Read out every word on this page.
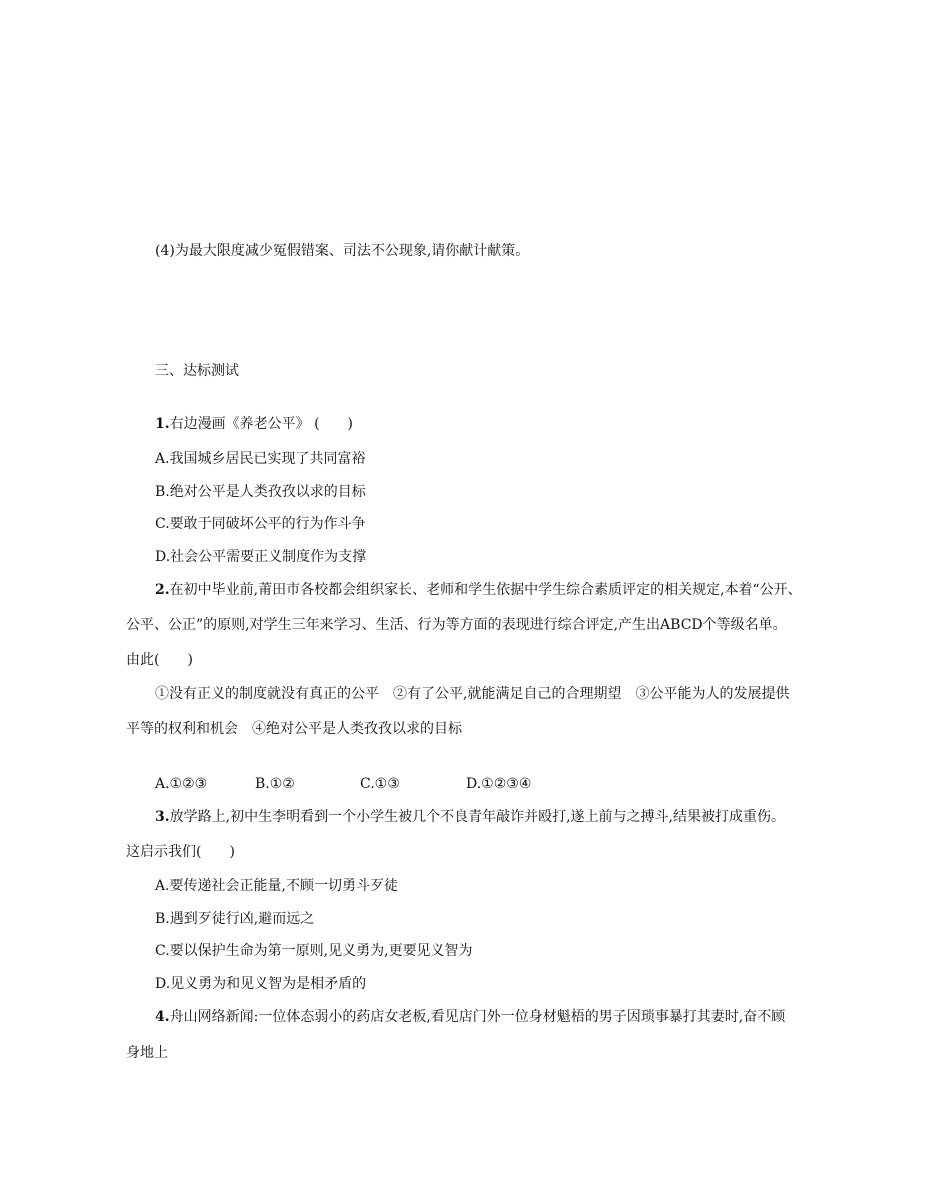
(4)为最大限度减少冤假错案、司法不公现象,请你献计献策。
三、达标测试
1.右边漫画《养老公平》 (　　)
A.我国城乡居民已实现了共同富裕
B.绝对公平是人类孜孜以求的目标
C.要敢于同破坏公平的行为作斗争
D.社会公平需要正义制度作为支撑
2.在初中毕业前,莆田市各校都会组织家长、老师和学生依据中学生综合素质评定的相关规定,本着“公开、
公平、公正”的原则,对学生三年来学习、生活、行为等方面的表现进行综合评定,产生出ABCD个等级名单。
由此(　　)
①没有正义的制度就没有真正的公平　②有了公平,就能满足自己的合理期望　③公平能为人的发展提供
平等的权利和机会　④绝对公平是人类孜孜以求的目标
A.①②③	B.①②	C.①③	D.①②③④
3.放学路上,初中生李明看到一个小学生被几个不良青年敲诈并殴打,遂上前与之搏斗,结果被打成重伤。
这启示我们(　　)
A.要传递社会正能量,不顾一切勇斗歹徒
B.遇到歹徒行凶,避而远之
C.要以保护生命为第一原则,见义勇为,更要见义智为
D.见义勇为和见义智为是相矛盾的
4.舟山网络新闻:一位体态弱小的药店女老板,看见店门外一位身材魁梧的男子因琐事暴打其妻时,奋不顾
身地上
